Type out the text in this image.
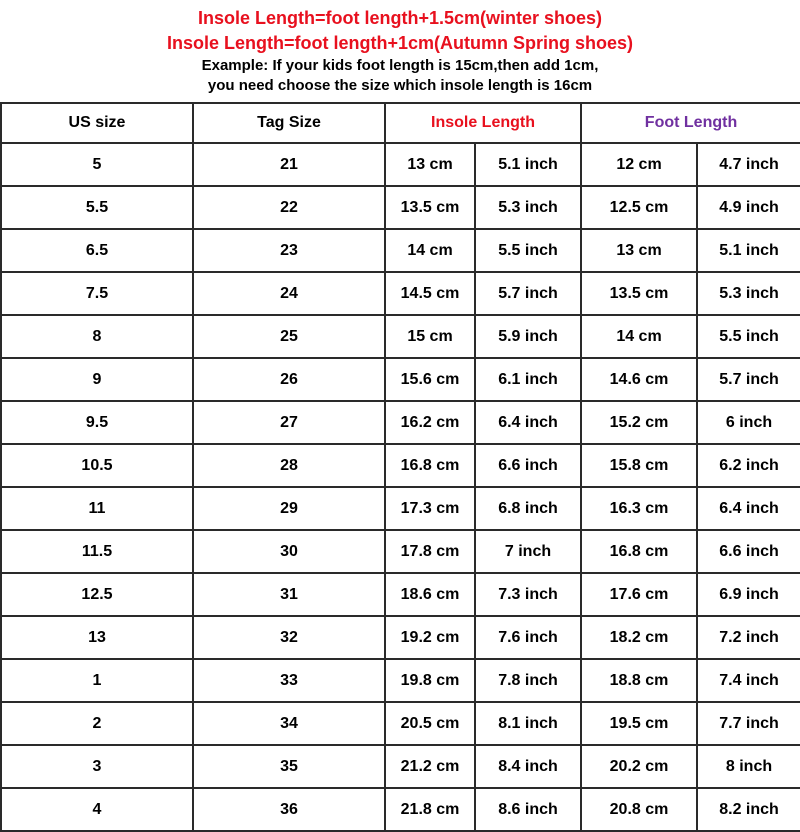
Insole Length=foot length+1.5cm(winter shoes)
Insole Length=foot length+1cm(Autumn Spring shoes)
Example: If your kids foot length is 15cm,then add 1cm,
you need choose the size which insole length is 16cm
US size	Tag Size	Insole Length		Foot Length	
5	21	13 cm	5.1 inch	12 cm	4.7 inch
5.5	22	13.5 cm	5.3 inch	12.5 cm	4.9 inch
6.5	23	14 cm	5.5 inch	13 cm	5.1 inch
7.5	24	14.5 cm	5.7 inch	13.5 cm	5.3 inch
8	25	15 cm	5.9 inch	14 cm	5.5 inch
9	26	15.6 cm	6.1 inch	14.6 cm	5.7 inch
9.5	27	16.2 cm	6.4 inch	15.2 cm	6 inch
10.5	28	16.8 cm	6.6 inch	15.8 cm	6.2 inch
11	29	17.3 cm	6.8 inch	16.3 cm	6.4 inch
11.5	30	17.8 cm	7 inch	16.8 cm	6.6 inch
12.5	31	18.6 cm	7.3 inch	17.6 cm	6.9 inch
13	32	19.2 cm	7.6 inch	18.2 cm	7.2 inch
1	33	19.8 cm	7.8 inch	18.8 cm	7.4 inch
2	34	20.5 cm	8.1 inch	19.5 cm	7.7 inch
3	35	21.2 cm	8.4 inch	20.2 cm	8 inch
4	36	21.8 cm	8.6 inch	20.8 cm	8.2 inch
